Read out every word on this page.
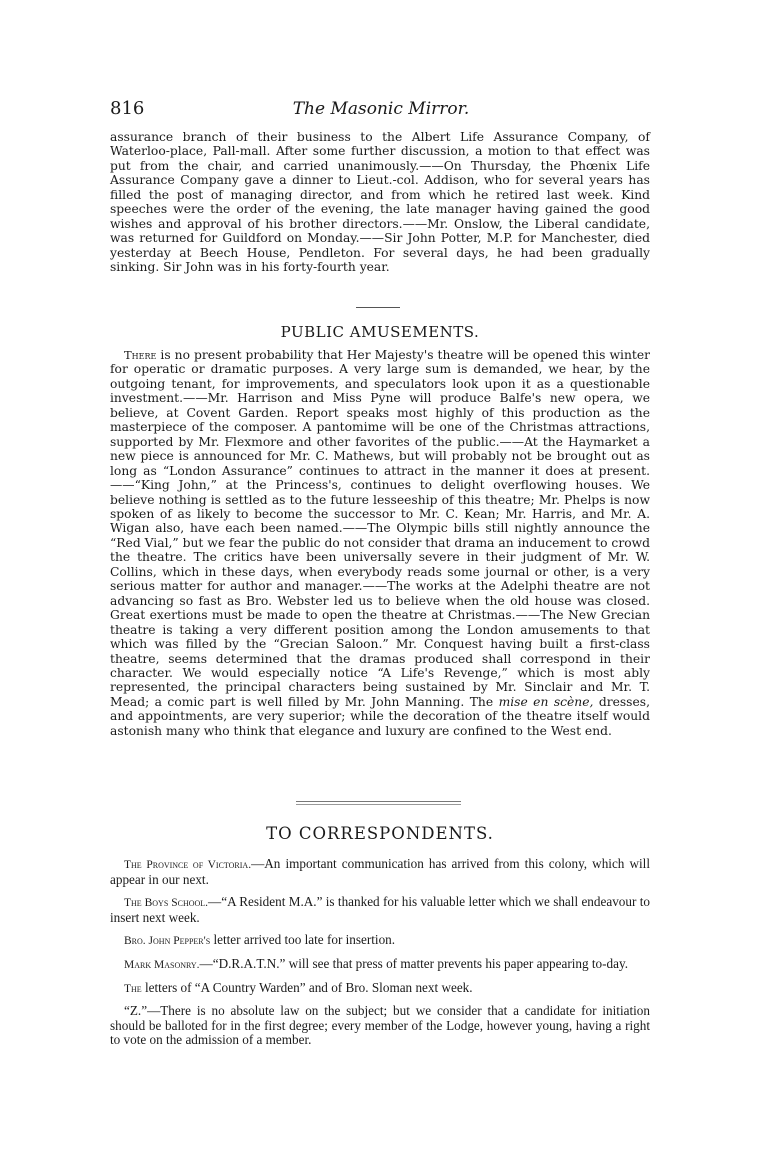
816	The Masonic Mirror.

assurance branch of their business to the Albert Life Assurance Company, of Waterloo-place, Pall-mall. After some further discussion, a motion to that effect was put from the chair, and carried unanimously.——On Thursday, the Phœnix Life Assurance Company gave a dinner to Lieut.-col. Addison, who for several years has filled the post of managing director, and from which he retired last week. Kind speeches were the order of the evening, the late manager having gained the good wishes and approval of his brother directors.——Mr. Onslow, the Liberal candidate, was returned for Guildford on Monday.——Sir John Potter, M.P. for Manchester, died yesterday at Beech House, Pendleton. For several days, he had been gradually sinking. Sir John was in his forty-fourth year.

PUBLIC AMUSEMENTS.

There is no present probability that Her Majesty's theatre will be opened this winter for operatic or dramatic purposes. A very large sum is demanded, we hear, by the outgoing tenant, for improvements, and speculators look upon it as a questionable investment.——Mr. Harrison and Miss Pyne will produce Balfe's new opera, we believe, at Covent Garden. Report speaks most highly of this production as the masterpiece of the composer. A pantomime will be one of the Christmas attractions, supported by Mr. Flexmore and other favorites of the public.——At the Haymarket a new piece is announced for Mr. C. Mathews, but will probably not be brought out as long as “London Assurance” continues to attract in the manner it does at present.——“King John,” at the Princess's, continues to delight overflowing houses. We believe nothing is settled as to the future lesseeship of this theatre; Mr. Phelps is now spoken of as likely to become the successor to Mr. C. Kean; Mr. Harris, and Mr. A. Wigan also, have each been named.——The Olympic bills still nightly announce the “Red Vial,” but we fear the public do not consider that drama an inducement to crowd the theatre. The critics have been universally severe in their judgment of Mr. W. Collins, which in these days, when everybody reads some journal or other, is a very serious matter for author and manager.——The works at the Adelphi theatre are not advancing so fast as Bro. Webster led us to believe when the old house was closed. Great exertions must be made to open the theatre at Christmas.——The New Grecian theatre is taking a very different position among the London amusements to that which was filled by the “Grecian Saloon.” Mr. Conquest having built a first-class theatre, seems determined that the dramas produced shall correspond in their character. We would especially notice “A Life's Revenge,” which is most ably represented, the principal characters being sustained by Mr. Sinclair and Mr. T. Mead; a comic part is well filled by Mr. John Manning. The mise en scène, dresses, and appointments, are very superior; while the decoration of the theatre itself would astonish many who think that elegance and luxury are confined to the West end.

TO CORRESPONDENTS.

The Province of Victoria.—An important communication has arrived from this colony, which will appear in our next.

The Boys School.—“A Resident M.A.” is thanked for his valuable letter which we shall endeavour to insert next week.

Bro. John Pepper's letter arrived too late for insertion.

Mark Masonry.—“D.R.A.T.N.” will see that press of matter prevents his paper appearing to-day.

The letters of “A Country Warden” and of Bro. Sloman next week.

“Z.”—There is no absolute law on the subject; but we consider that a candidate for initiation should be balloted for in the first degree; every member of the Lodge, however young, having a right to vote on the admission of a member.
